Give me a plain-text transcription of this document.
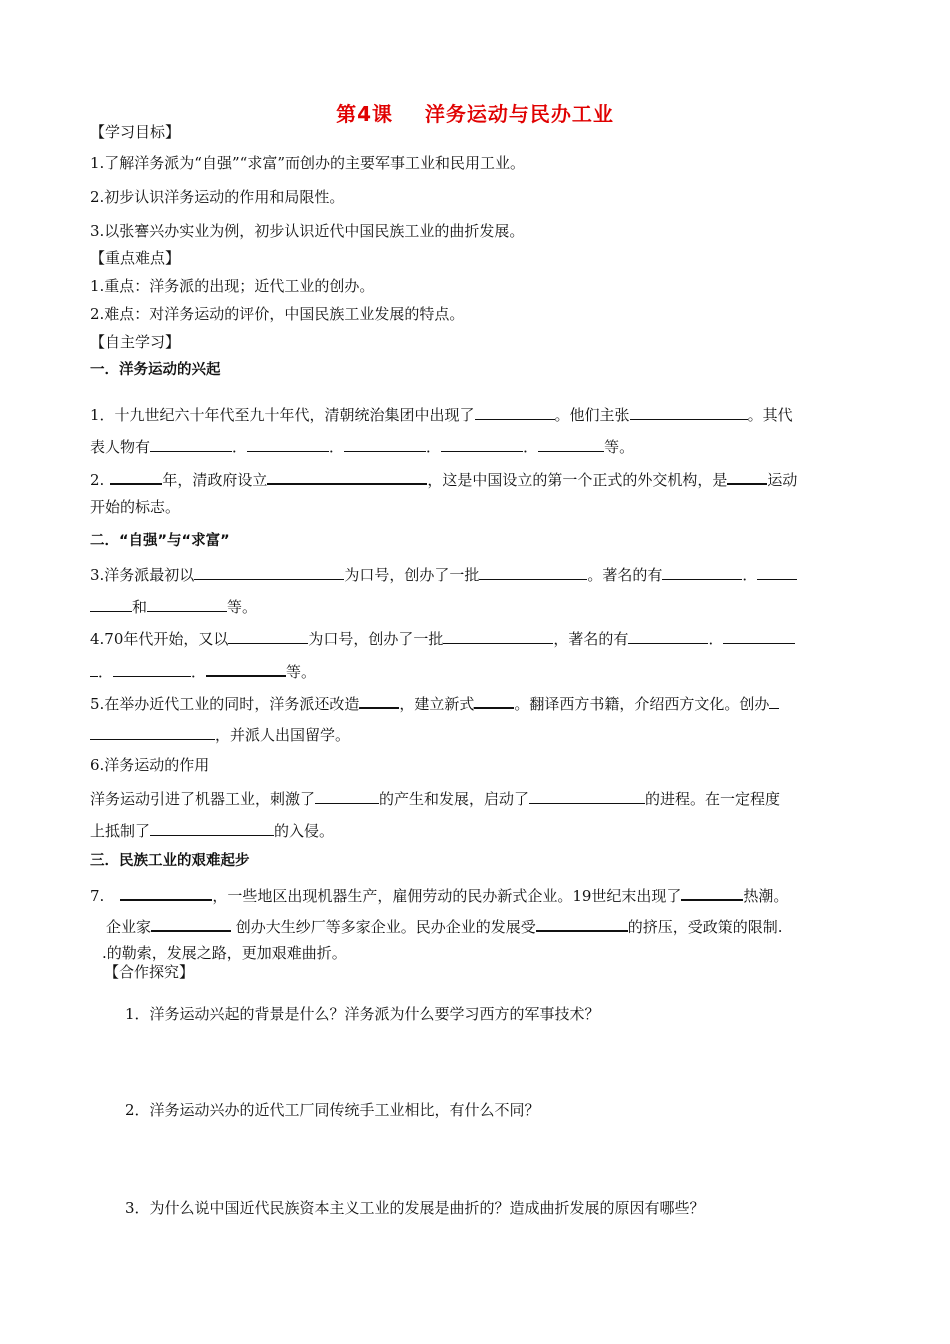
第4课    洋务运动与民办工业
【学习目标】
1.了解洋务派为“自强”“求富”而创办的主要军事工业和民用工业。
2.初步认识洋务运动的作用和局限性。
3.以张謇兴办实业为例，初步认识近代中国民族工业的曲折发展。
【重点难点】
1.重点：洋务派的出现；近代工业的创办。
2.难点：对洋务运动的评价，中国民族工业发展的特点。
【自主学习】
一．洋务运动的兴起
1．十九世纪六十年代至九十年代，清朝统治集团中出现了	。他们主张	。其代
表人物有	．	．	．	．	等。
2.	年，清政府设立	，这是中国设立的第一个正式的外交机构，是	运动
开始的标志。
二．“自强”与“求富”
3.洋务派最初以	为口号，创办了一批	。著名的有	．
和	等。
4.70年代开始，又以	为口号，创办了一批	，著名的有	．
．	．	等。
5.在举办近代工业的同时，洋务派还改造	，建立新式	。翻译西方书籍，介绍西方文化。创办
，并派人出国留学。
6.洋务运动的作用
洋务运动引进了机器工业，刺激了	的产生和发展，启动了	的进程。在一定程度
上抵制了	的入侵。
三．民族工业的艰难起步
7.	，一些地区出现机器生产，雇佣劳动的民办新式企业。19世纪末出现了	热潮。
企业家	创办大生纱厂等多家企业。民办企业的发展受	的挤压，受政策的限制.
.的勒索，发展之路，更加艰难曲折。
【合作探究】
1．洋务运动兴起的背景是什么？洋务派为什么要学习西方的军事技术？
2．洋务运动兴办的近代工厂同传统手工业相比，有什么不同？
3．为什么说中国近代民族资本主义工业的发展是曲折的？造成曲折发展的原因有哪些？
